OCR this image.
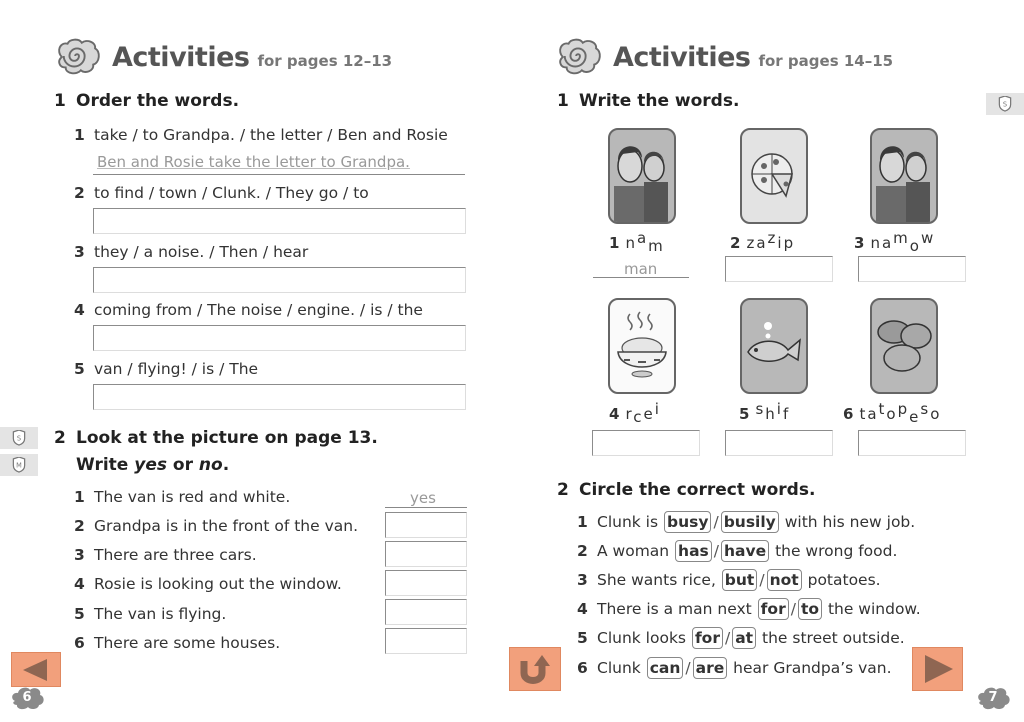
Activities for pages 12–13
1 Order the words.
1 take / to Grandpa. / the letter / Ben and Rosie
Ben and Rosie take the letter to Grandpa.
2 to find / town / Clunk. / They go / to
3 they / a noise. / Then / hear
4 coming from / The noise / engine. / is / the
5 van / flying! / is / The
S
M
2 Look at the picture on page 13.
Write yes or no.
1 The van is red and white.	yes
2 Grandpa is in the front of the van.
3 There are three cars.
4 Rosie is looking out the window.
5 The van is flying.
6 There are some houses.
6
Activities for pages 14–15
S
1 Write the words.
1 nam
man
2 zazip	3 namow
4 rcei	5 shif	6 tatopeso
2 Circle the correct words.
1 Clunk is busy / busily with his new job.
2 A woman has / have the wrong food.
3 She wants rice, but / not potatoes.
4 There is a man next for / to the window.
5 Clunk looks for / at the street outside.
6 Clunk can / are hear Grandpa’s van.
7
